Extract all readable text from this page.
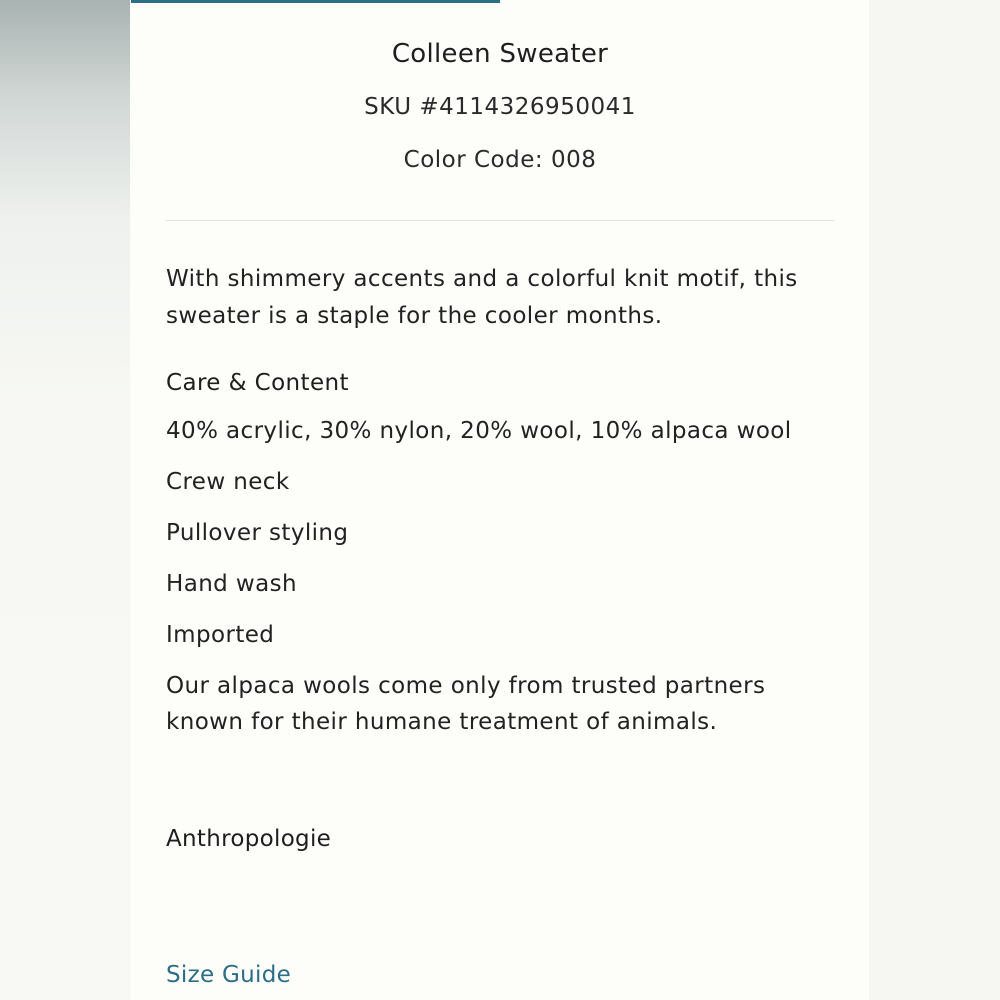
Colleen Sweater
SKU #4114326950041
Color Code: 008

With shimmery accents and a colorful knit motif, this sweater is a staple for the cooler months.

Care & Content
40% acrylic, 30% nylon, 20% wool, 10% alpaca wool
Crew neck
Pullover styling
Hand wash
Imported
Our alpaca wools come only from trusted partners known for their humane treatment of animals.
Anthropologie
Size Guide
